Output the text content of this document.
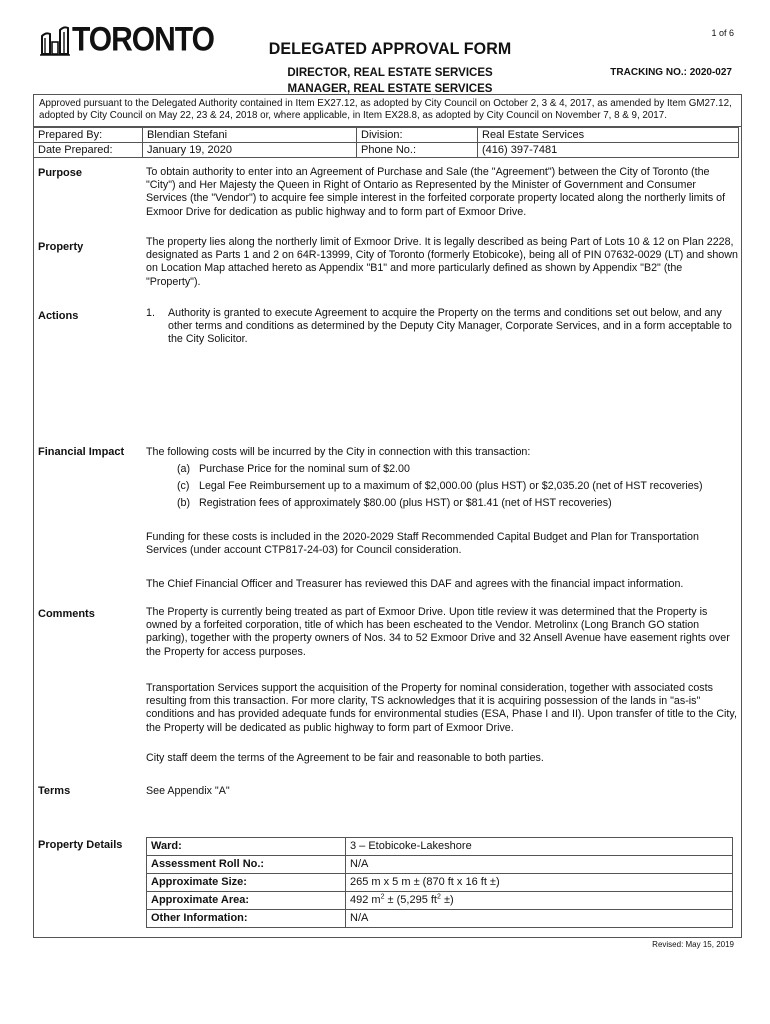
1 of 6
TORONTO	DELEGATED APPROVAL FORM
DIRECTOR, REAL ESTATE SERVICES
MANAGER, REAL ESTATE SERVICES
TRACKING NO.: 2020-027
Approved pursuant to the Delegated Authority contained in Item EX27.12, as adopted by City Council on October 2, 3 & 4, 2017, as amended by Item GM27.12, adopted by City Council on May 22, 23 & 24, 2018 or, where applicable, in Item EX28.8, as adopted by City Council on November 7, 8 & 9, 2017.
Prepared By:	Blendian Stefani	Division:	Real Estate Services
Date Prepared:	January 19, 2020	Phone No.:	(416) 397-7481
Purpose	To obtain authority to enter into an Agreement of Purchase and Sale (the "Agreement") between the City of Toronto (the "City") and Her Majesty the Queen in Right of Ontario as Represented by the Minister of Government and Consumer Services (the "Vendor") to acquire fee simple interest in the forfeited corporate property located along the northerly limits of Exmoor Drive for dedication as public highway and to form part of Exmoor Drive.
Property	The property lies along the northerly limit of Exmoor Drive. It is legally described as being Part of Lots 10 & 12 on Plan 2228, designated as Parts 1 and 2 on 64R-13999, City of Toronto (formerly Etobicoke), being all of PIN 07632-0029 (LT) and shown on Location Map attached hereto as Appendix "B1" and more particularly defined as shown by Appendix "B2" (the "Property").
Actions	1. Authority is granted to execute Agreement to acquire the Property on the terms and conditions set out below, and any other terms and conditions as determined by the Deputy City Manager, Corporate Services, and in a form acceptable to the City Solicitor.
Financial Impact The following costs will be incurred by the City in connection with this transaction:
(a) Purchase Price for the nominal sum of $2.00
(c) Legal Fee Reimbursement up to a maximum of $2,000.00 (plus HST) or $2,035.20 (net of HST recoveries)
(b) Registration fees of approximately $80.00 (plus HST) or $81.41 (net of HST recoveries)
Funding for these costs is included in the 2020-2029 Staff Recommended Capital Budget and Plan for Transportation Services (under account CTP817-24-03) for Council consideration.
The Chief Financial Officer and Treasurer has reviewed this DAF and agrees with the financial impact information.
Comments	The Property is currently being treated as part of Exmoor Drive. Upon title review it was determined that the Property is owned by a forfeited corporation, title of which has been escheated to the Vendor. Metrolinx (Long Branch GO station parking), together with the property owners of Nos. 34 to 52 Exmoor Drive and 32 Ansell Avenue have easement rights over the Property for access purposes.
Transportation Services support the acquisition of the Property for nominal consideration, together with associated costs resulting from this transaction. For more clarity, TS acknowledges that it is acquiring possession of the lands in "as-is" conditions and has provided adequate funds for environmental studies (ESA, Phase I and II). Upon transfer of title to the City, the Property will be dedicated as public highway to form part of Exmoor Drive.
City staff deem the terms of the Agreement to be fair and reasonable to both parties.
Terms	See Appendix "A"
Property Details	Ward:	3 – Etobicoke-Lakeshore
Assessment Roll No.:	N/A
Approximate Size:	265 m x 5 m ± (870 ft x 16 ft ±)
Approximate Area:	492 $m^2 \pm (5,295$ $ft^2$ ±)
Other Information:	N/A
Revised: May 15, 2019
